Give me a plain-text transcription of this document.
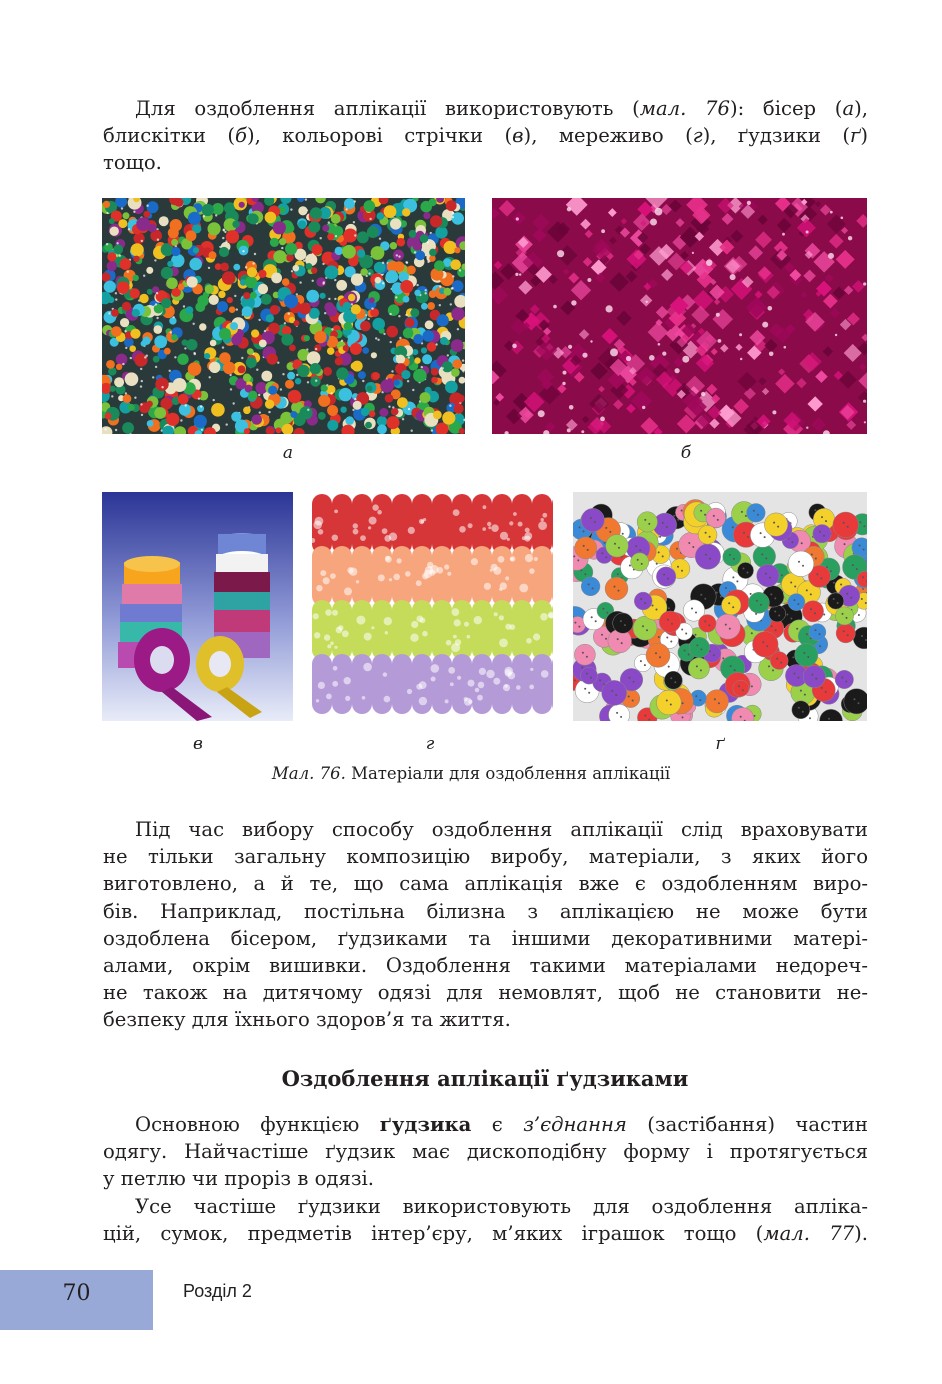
Для оздоблення аплікації використовують (мал. 76): бісер (а),
блискітки (б), кольорові стрічки (в), мереживо (г), ґудзики (ґ)
тощо.
а	б
в	г	ґ
Мал. 76. Матеріали для оздоблення аплікації
Під час вибору способу оздоблення аплікації слід враховувати
не тільки загальну композицію виробу, матеріали, з яких його
виготовлено, а й те, що сама аплікація вже є оздобленням виро-
бів. Наприклад, постільна білизна з аплікацією не може бути
оздоблена бісером, ґудзиками та іншими декоративними матері-
алами, окрім вишивки. Оздоблення такими матеріалами недореч-
не також на дитячому одязі для немовлят, щоб не становити не-
безпеку для їхнього здоров’я та життя.
Оздоблення аплікації ґудзиками
Основною функцією ґудзика є з’єднання (застібання) частин
одягу. Найчастіше ґудзик має дископодібну форму і протягується
у петлю чи проріз в одязі.
Усе частіше ґудзики використовують для оздоблення апліка-
цій, сумок, предметів інтер’єру, м’яких іграшок тощо (мал. 77).
70	Розділ 2
